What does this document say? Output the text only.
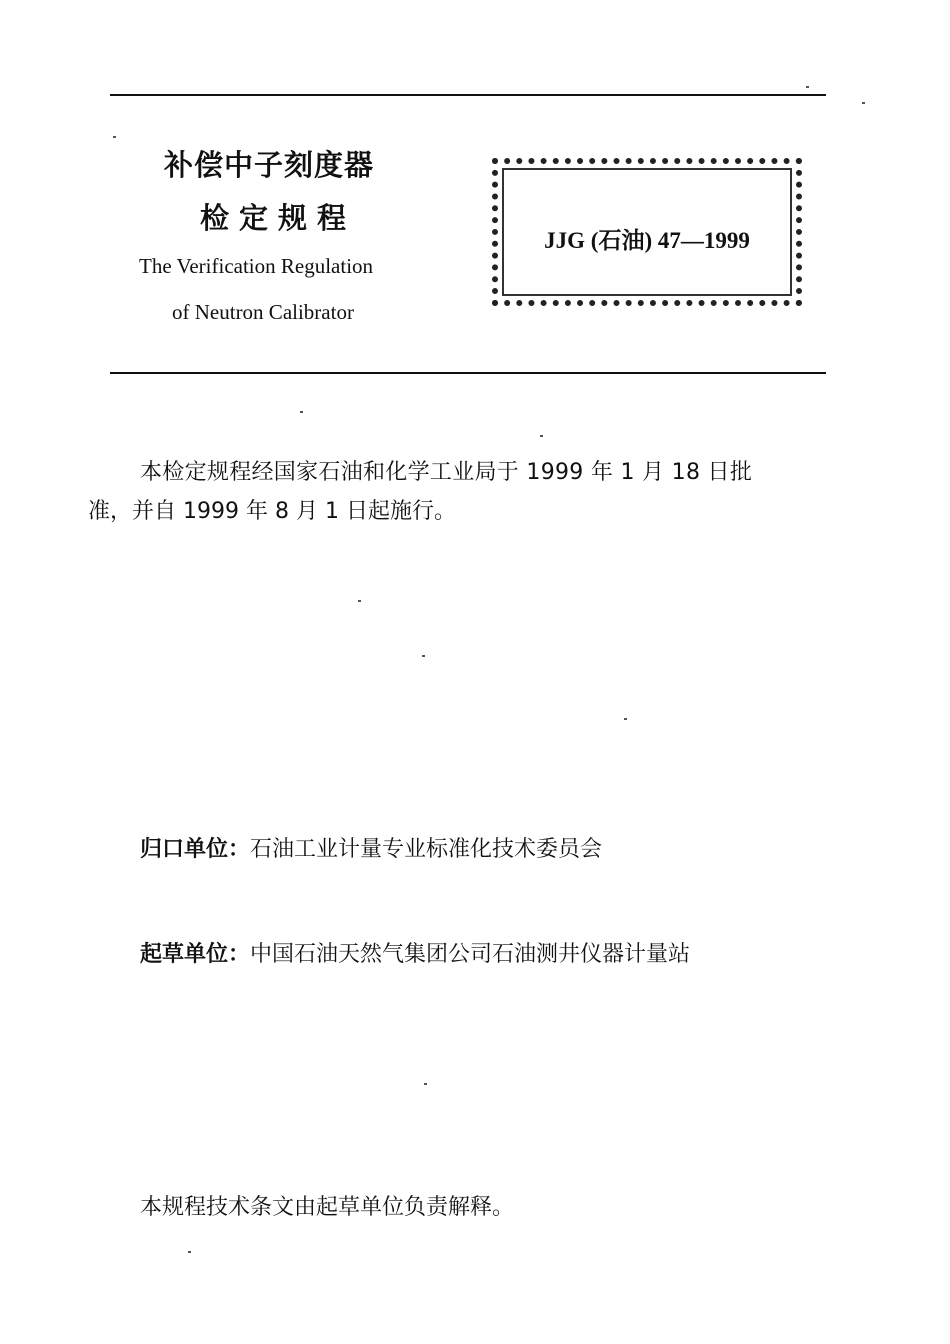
补偿中子刻度器
检定规程
The Verification Regulation
of Neutron Calibrator
JJG (石油) 47—1999
本检定规程经国家石油和化学工业局于 1999 年 1 月 18 日批
准，并自 1999 年 8 月 1 日起施行。
归口单位：石油工业计量专业标准化技术委员会
起草单位：中国石油天然气集团公司石油测井仪器计量站
本规程技术条文由起草单位负责解释。
